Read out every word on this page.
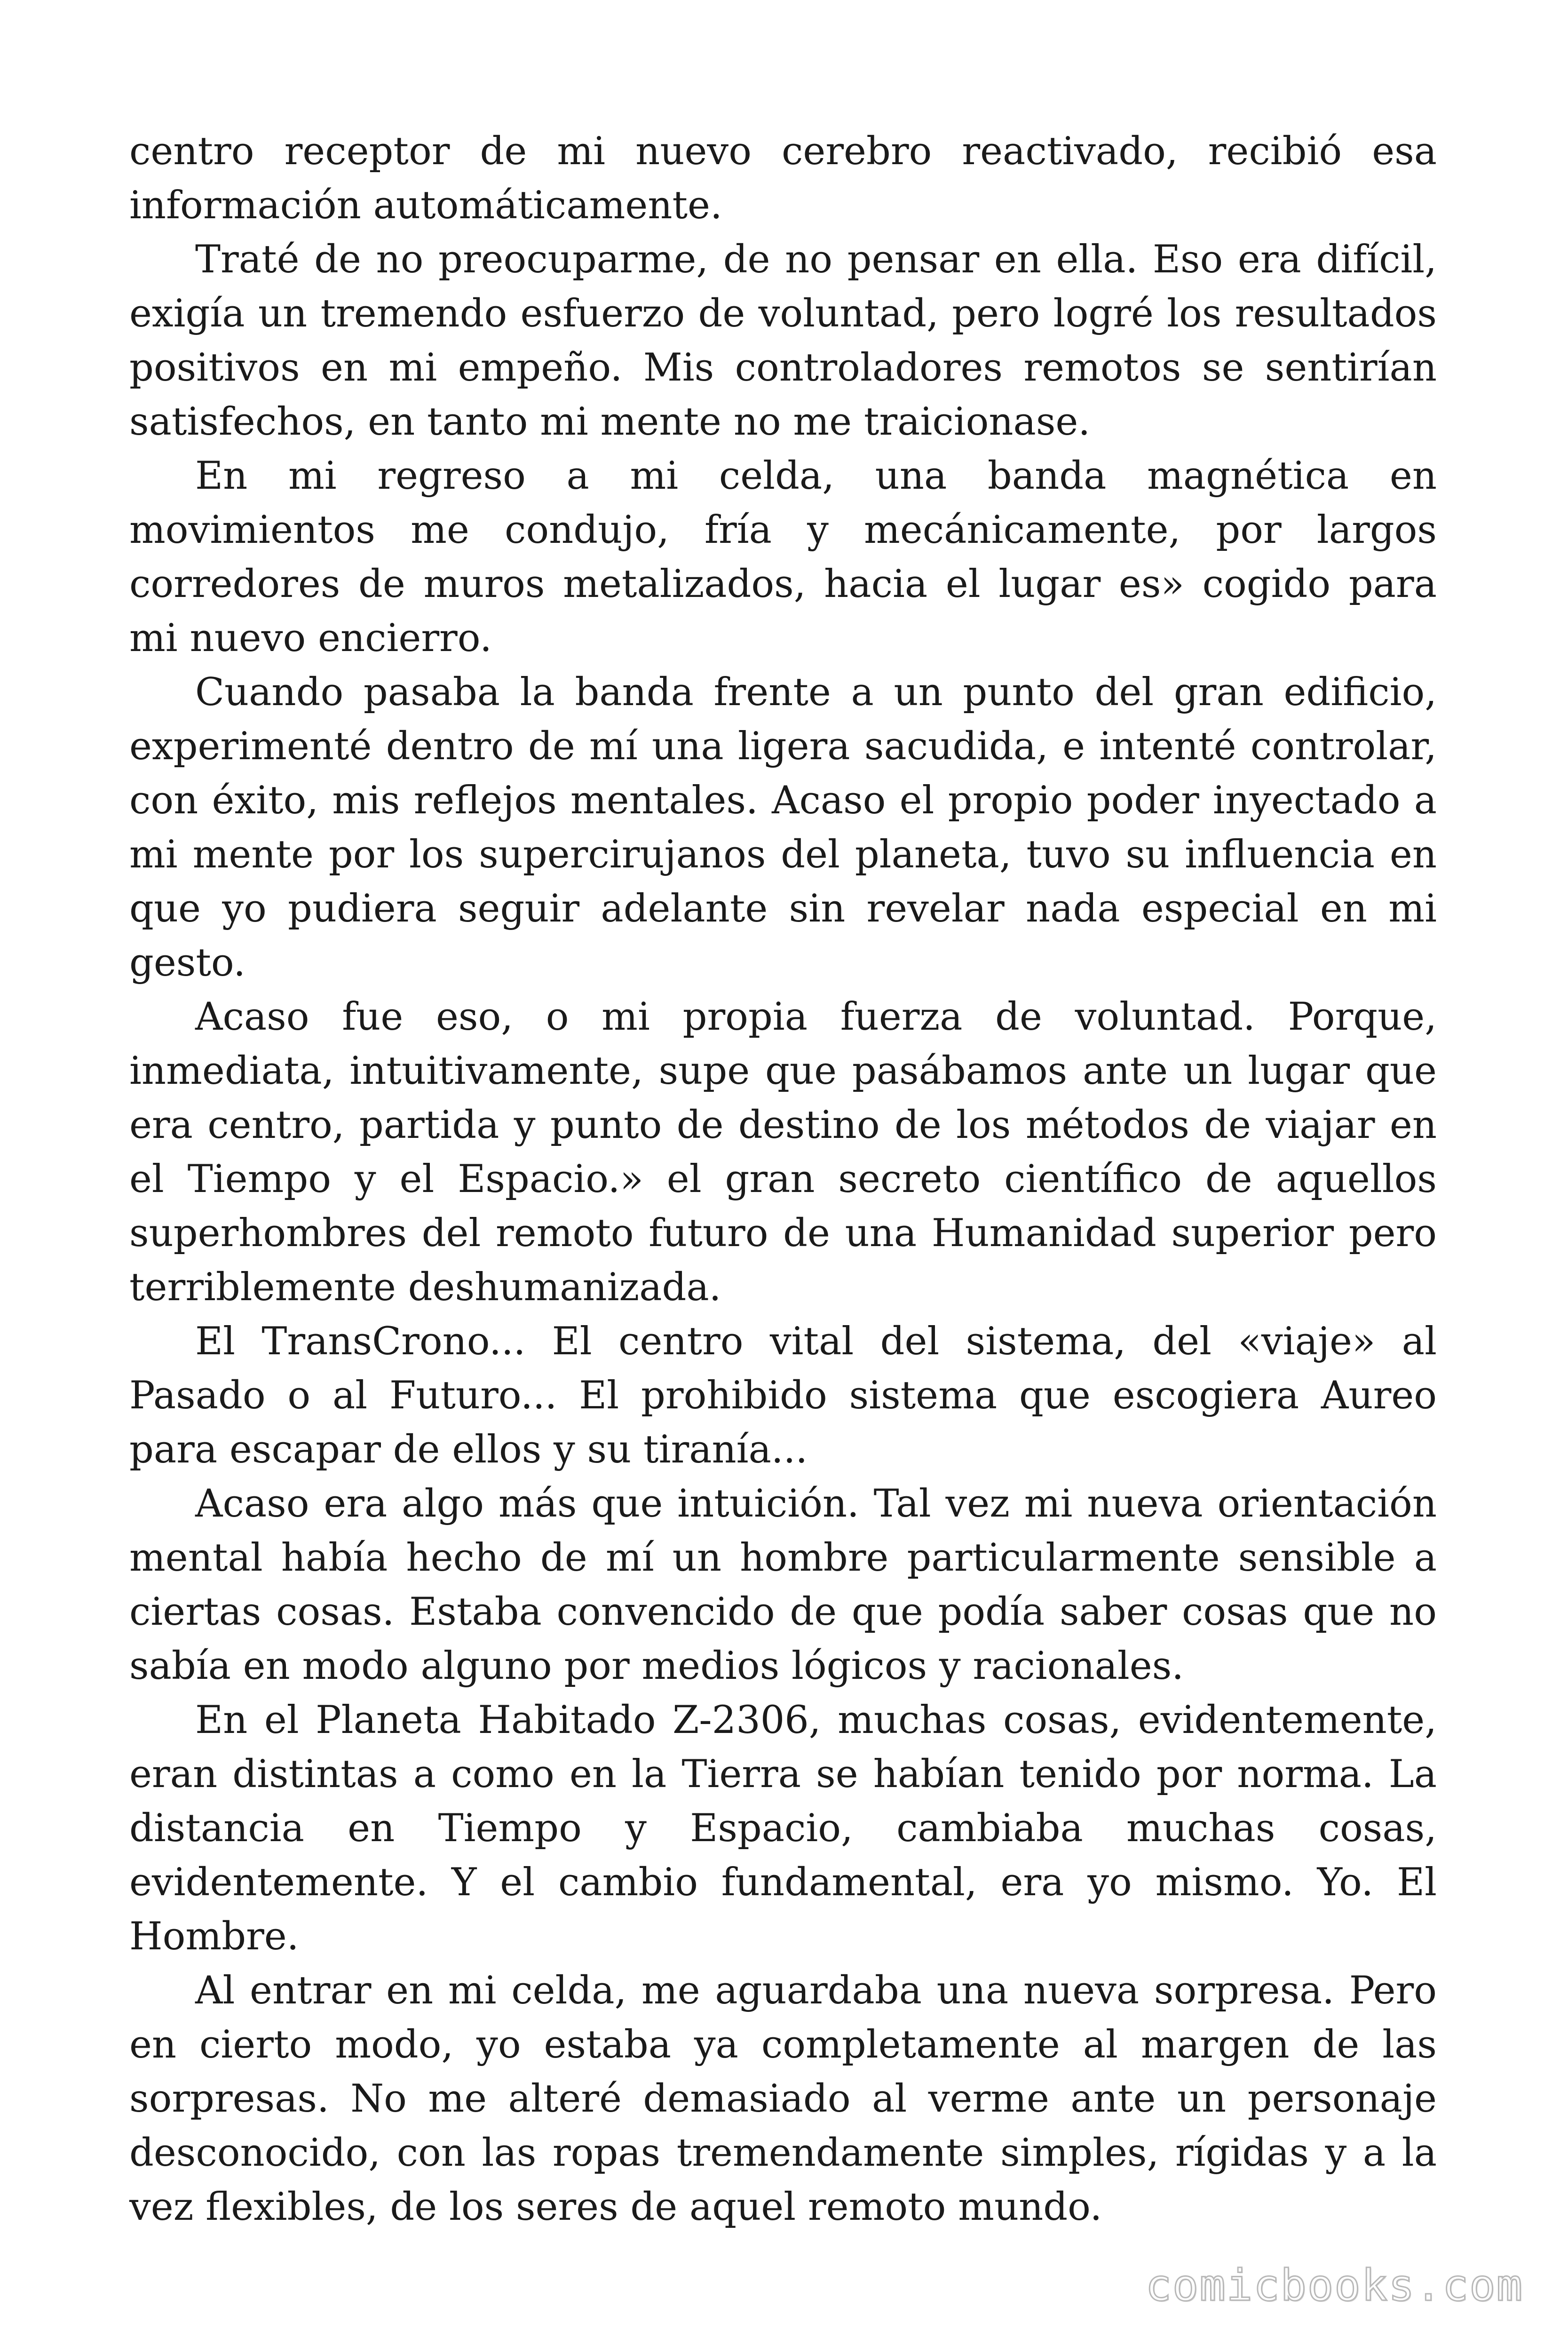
centro receptor de mi nuevo cerebro reactivado, recibió esa información automáticamente.

Traté de no preocuparme, de no pensar en ella. Eso era difícil, exigía un tremendo esfuerzo de voluntad, pero logré los resultados positivos en mi empeño. Mis controladores remotos se sentirían satisfechos, en tanto mi mente no me traicionase.

En mi regreso a mi celda, una banda magnética en movimientos me condujo, fría y mecánicamente, por largos corredores de muros metalizados, hacia el lugar es» cogido para mi nuevo encierro.

Cuando pasaba la banda frente a un punto del gran edificio, experimenté dentro de mí una ligera sacudida, e intenté controlar, con éxito, mis reflejos mentales. Acaso el propio poder inyectado a mi mente por los supercirujanos del planeta, tuvo su influencia en que yo pudiera seguir adelante sin revelar nada especial en mi gesto.

Acaso fue eso, o mi propia fuerza de voluntad. Porque, inmediata, intuitivamente, supe que pasábamos ante un lugar que era centro, partida y punto de destino de los métodos de viajar en el Tiempo y el Espacio.» el gran secreto científico de aquellos superhombres del remoto futuro de una Humanidad superior pero terriblemente deshumanizada.

El TransCrono... El centro vital del sistema, del «viaje» al Pasado o al Futuro... El prohibido sistema que escogiera Aureo para escapar de ellos y su tiranía...

Acaso era algo más que intuición. Tal vez mi nueva orientación mental había hecho de mí un hombre particularmente sensible a ciertas cosas. Estaba convencido de que podía saber cosas que no sabía en modo alguno por medios lógicos y racionales.

En el Planeta Habitado Z-2306, muchas cosas, evidentemente, eran distintas a como en la Tierra se habían tenido por norma. La distancia en Tiempo y Espacio, cambiaba muchas cosas, evidentemente. Y el cambio fundamental, era yo mismo. Yo. El Hombre.

Al entrar en mi celda, me aguardaba una nueva sorpresa. Pero en cierto modo, yo estaba ya completamente al margen de las sorpresas. No me alteré demasiado al verme ante un personaje desconocido, con las ropas tremendamente simples, rígidas y a la vez flexibles, de los seres de aquel remoto mundo.

comicbooks.com
